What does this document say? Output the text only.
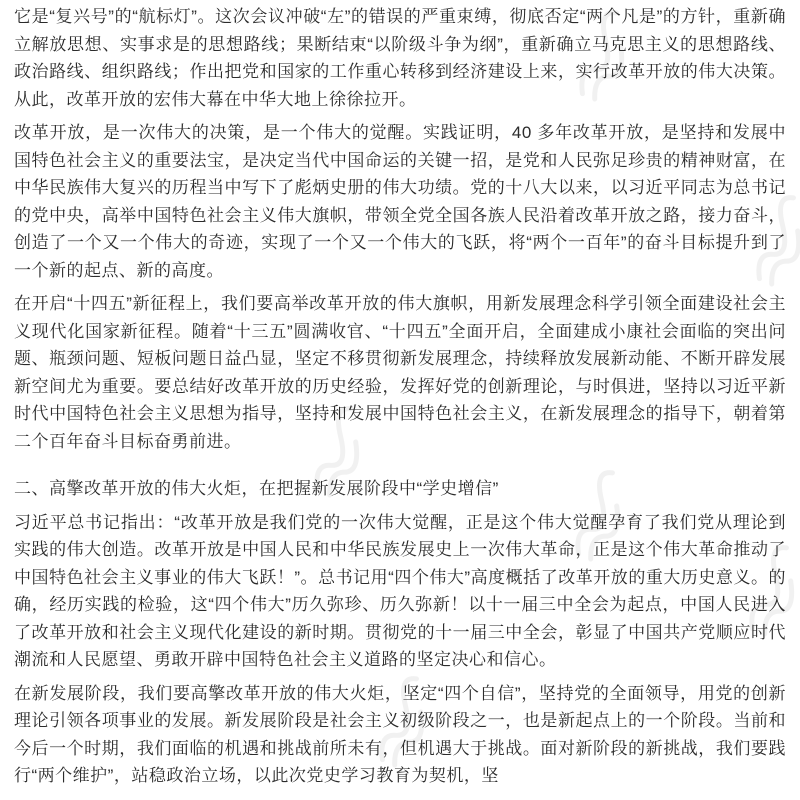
它是“复兴号”的“航标灯”。这次会议冲破“左”的错误的严重束缚，彻底否定“两个凡是”的方针，重新确立解放思想、实事求是的思想路线；果断结束“以阶级斗争为纲”，重新确立马克思主义的思想路线、政治路线、组织路线；作出把党和国家的工作重心转移到经济建设上来，实行改革开放的伟大决策。从此，改革开放的宏伟大幕在中华大地上徐徐拉开。

改革开放，是一次伟大的决策，是一个伟大的觉醒。实践证明，40 多年改革开放，是坚持和发展中国特色社会主义的重要法宝，是决定当代中国命运的关键一招，是党和人民弥足珍贵的精神财富，在中华民族伟大复兴的历程当中写下了彪炳史册的伟大功绩。党的十八大以来，以习近平同志为总书记的党中央，高举中国特色社会主义伟大旗帜，带领全党全国各族人民沿着改革开放之路，接力奋斗，创造了一个又一个伟大的奇迹，实现了一个又一个伟大的飞跃，将“两个一百年”的奋斗目标提升到了一个新的起点、新的高度。

在开启“十四五”新征程上，我们要高举改革开放的伟大旗帜，用新发展理念科学引领全面建设社会主义现代化国家新征程。随着“十三五”圆满收官、“十四五”全面开启，全面建成小康社会面临的突出问题、瓶颈问题、短板问题日益凸显，坚定不移贯彻新发展理念，持续释放发展新动能、不断开辟发展新空间尤为重要。要总结好改革开放的历史经验，发挥好党的创新理论，与时俱进，坚持以习近平新时代中国特色社会主义思想为指导，坚持和发展中国特色社会主义，在新发展理念的指导下，朝着第二个百年奋斗目标奋勇前进。

二、高擎改革开放的伟大火炬，在把握新发展阶段中“学史增信”

习近平总书记指出：“改革开放是我们党的一次伟大觉醒，正是这个伟大觉醒孕育了我们党从理论到实践的伟大创造。改革开放是中国人民和中华民族发展史上一次伟大革命，正是这个伟大革命推动了中国特色社会主义事业的伟大飞跃！”。总书记用“四个伟大”高度概括了改革开放的重大历史意义。的确，经历实践的检验，这“四个伟大”历久弥珍、历久弥新！以十一届三中全会为起点，中国人民进入了改革开放和社会主义现代化建设的新时期。贯彻党的十一届三中全会，彰显了中国共产党顺应时代潮流和人民愿望、勇敢开辟中国特色社会主义道路的坚定决心和信心。

在新发展阶段，我们要高擎改革开放的伟大火炬，坚定“四个自信”，坚持党的全面领导，用党的创新理论引领各项事业的发展。新发展阶段是社会主义初级阶段之一，也是新起点上的一个阶段。当前和今后一个时期，我们面临的机遇和挑战前所未有，但机遇大于挑战。面对新阶段的新挑战，我们要践行“两个维护”，站稳政治立场，以此次党史学习教育为契机，坚
